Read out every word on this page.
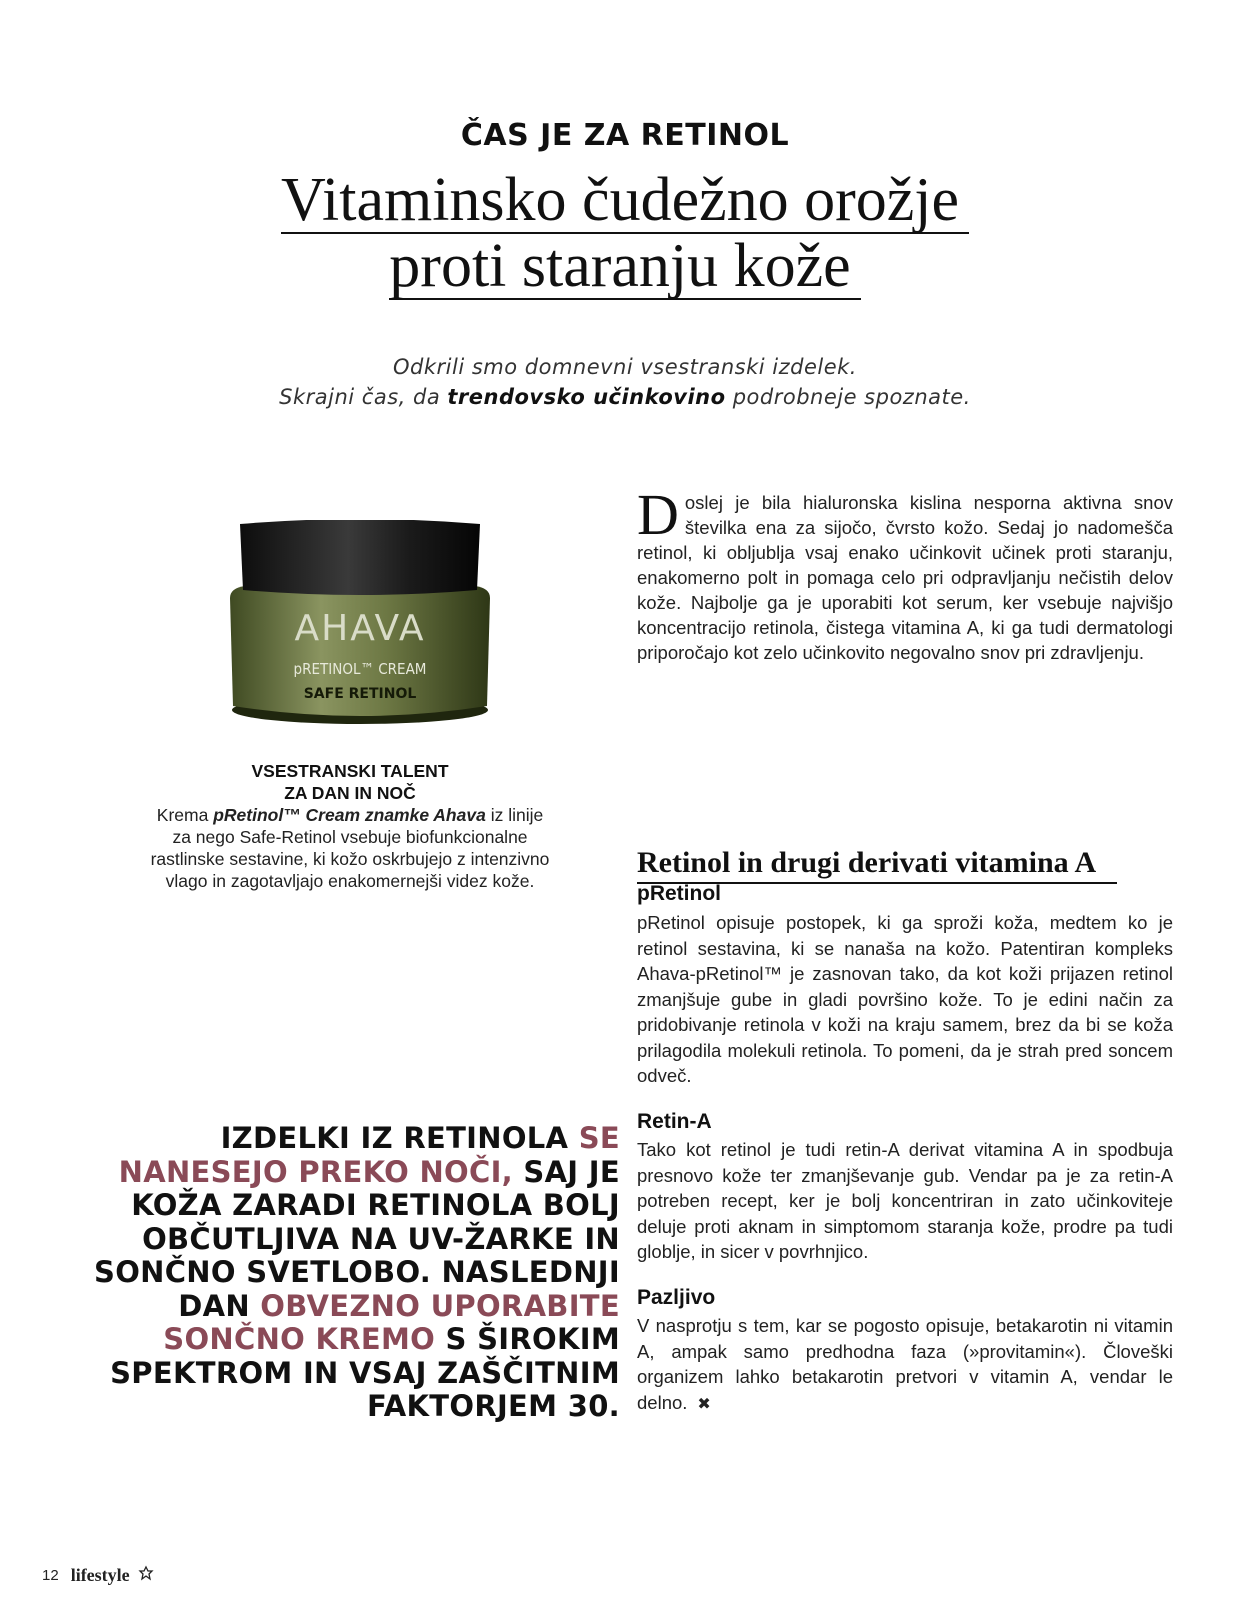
ČAS JE ZA RETINOL
Vitaminsko čudežno orožje
proti staranju kože
Odkrili smo domnevni vsestranski izdelek.
Skrajni čas, da trendovsko učinkovino podrobneje spoznate.
D oslej je bila hialuronska kislina nesporna aktivna snov številka ena za sijočo, čvrsto kožo. Sedaj jo nadomešča retinol, ki obljublja vsaj enako učinkovit učinek proti staranju, enakomerno polt in pomaga celo pri odpravljanju nečistih delov kože. Najbolje ga je uporabiti kot serum, ker vsebuje najvišjo koncentracijo retinola, čistega vitamina A, ki ga tudi dermatologi priporočajo kot zelo učinkovito negovalno snov pri zdravljenju.
AHAVA
pRETINOL™ CREAM
SAFE RETINOL
VSESTRANSKI TALENT
ZA DAN IN NOČ
Krema pRetinol™ Cream znamke Ahava iz linije za nego Safe-Retinol vsebuje biofunkcionalne rastlinske sestavine, ki kožo oskrbujejo z intenzivno vlago in zagotavljajo enakomernejši videz kože.
Retinol in drugi derivati vitamina A
pRetinol
pRetinol opisuje postopek, ki ga sproži koža, medtem ko je retinol sestavina, ki se nanaša na kožo. Patentiran kompleks Ahava-pRetinol™ je zasnovan tako, da kot koži prijazen retinol zmanjšuje gube in gladi površino kože. To je edini način za pridobivanje retinola v koži na kraju samem, brez da bi se koža prilagodila molekuli retinola. To pomeni, da je strah pred soncem odveč.
Retin-A
Tako kot retinol je tudi retin-A derivat vitamina A in spodbuja presnovo kože ter zmanjševanje gub. Vendar pa je za retin-A potreben recept, ker je bolj koncentriran in zato učinkoviteje deluje proti aknam in simptomom staranja kože, prodre pa tudi globlje, in sicer v povrhnjico.
Pazljivo
V nasprotju s tem, kar se pogosto opisuje, betakarotin ni vitamin A, ampak samo predhodna faza (»provitamin«). Človeški organizem lahko betakarotin pretvori v vitamin A, vendar le delno. ✖
IZDELKI IZ RETINOLA SE NANESEJO PREKO NOČI, SAJ JE KOŽA ZARADI RETINOLA BOLJ OBČUTLJIVA NA UV-ŽARKE IN SONČNO SVETLOBO. NASLEDNJI DAN OBVEZNO UPORABITE SONČNO KREMO S ŠIROKIM SPEKTROM IN VSAJ ZAŠČITNIM FAKTORJEM 30.
12 lifestyle
